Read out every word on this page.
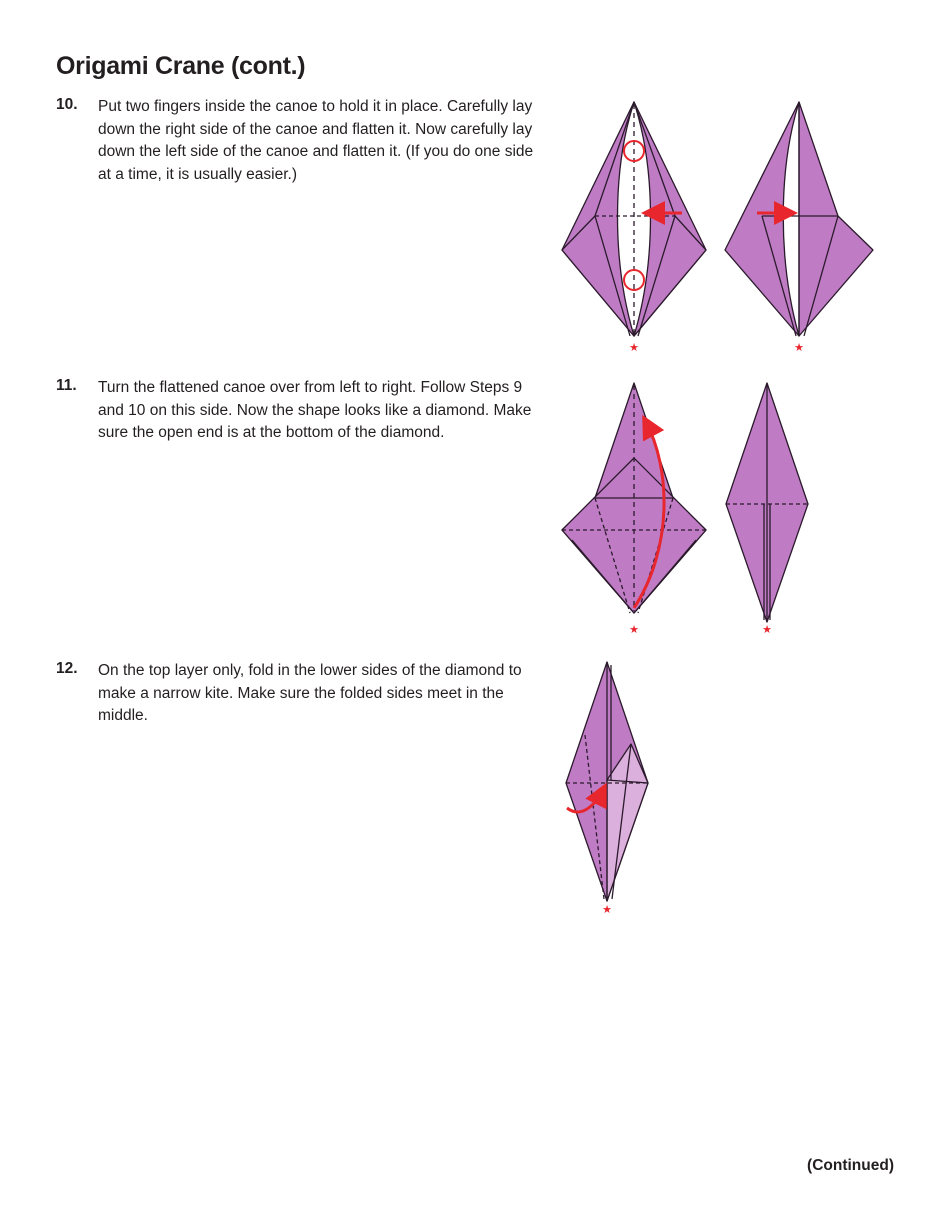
Origami Crane (cont.)
10.	Put two fingers inside the canoe to hold it in place. Carefully lay down the right side of the canoe and flatten it. Now carefully lay down the left side of the canoe and flatten it. (If you do one side at a time, it is usually easier.)
11.	Turn the flattened canoe over from left to right. Follow Steps 9 and 10 on this side. Now the shape looks like a diamond. Make sure the open end is at the bottom of the diamond.
12.	On the top layer only, fold in the lower sides of the diamond to make a narrow kite. Make sure the folded sides meet in the middle.
★	★
★	★
★
(Continued)
